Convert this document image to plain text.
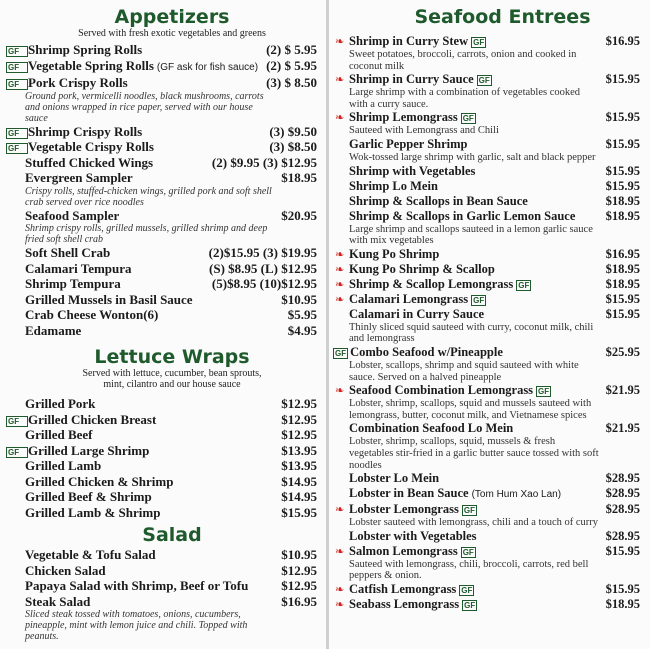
Appetizers
Served with fresh exotic vegetables and greens
GF Shrimp Spring Rolls	(2) $ 5.95
GF Vegetable Spring Rolls (GF ask for fish sauce) (2) $ 5.95
GF Pork Crispy Rolls	(3) $ 8.50
Ground pork, vermicelli noodles, black mushrooms, carrots and onions wrapped in rice paper, served with our house sauce
GF Shrimp Crispy Rolls	(3) $9.50
GF Vegetable Crispy Rolls	(3) $8.50
Stuffed Chicked Wings	(2) $9.95 (3) $12.95
Evergreen Sampler	$18.95
Crispy rolls, stuffed-chicken wings, grilled pork and soft shell crab served over rice noodles
Seafood Sampler	$20.95
Shrimp crispy rolls, grilled mussels, grilled shrimp and deep fried soft shell crab
Soft Shell Crab	(2)$15.95 (3) $19.95
Calamari Tempura	(S) $8.95 (L) $12.95
Shrimp Tempura	(5)$8.95 (10)$12.95
Grilled Mussels in Basil Sauce	$10.95
Crab Cheese Wonton(6)	$5.95
Edamame	$4.95
Lettuce Wraps
Served with lettuce, cucumber, bean sprouts, mint, cilantro and our house sauce
Grilled Pork	$12.95
GF Grilled Chicken Breast	$12.95
Grilled Beef	$12.95
GF Grilled Large Shrimp	$13.95
Grilled Lamb	$13.95
Grilled Chicken & Shrimp	$14.95
Grilled Beef & Shrimp	$14.95
Grilled Lamb & Shrimp	$15.95
Salad
Vegetable & Tofu Salad	$10.95
Chicken Salad	$12.95
Papaya Salad with Shrimp, Beef or Tofu	$12.95
Steak Salad	$16.95
Sliced steak tossed with tomatoes, onions, cucumbers, pineapple, mint with lemon juice and chili. Topped with peanuts.
Seafood Entrees
❧ Shrimp in Curry Stew GF	$16.95
Sweet potatoes, broccoli, carrots, onion and cooked in coconut milk
❧ Shrimp in Curry Sauce GF	$15.95
Large shrimp with a combination of vegetables cooked with a curry sauce.
❧ Shrimp Lemongrass GF	$15.95
Sauteed with Lemongrass and Chili
Garlic Pepper Shrimp	$15.95
Wok-tossed large shrimp with garlic, salt and black pepper
Shrimp with Vegetables	$15.95
Shrimp Lo Mein	$15.95
Shrimp & Scallops in Bean Sauce	$18.95
Shrimp & Scallops in Garlic Lemon Sauce	$18.95
Large shrimp and scallops sauteed in a lemon garlic sauce with mix vegetables
❧ Kung Po Shrimp	$16.95
❧ Kung Po Shrimp & Scallop	$18.95
❧ Shrimp & Scallop Lemongrass GF	$18.95
❧ Calamari Lemongrass GF	$15.95
Calamari in Curry Sauce	$15.95
Thinly sliced squid sauteed with curry, coconut milk, chili and lemongrass
GF Combo Seafood w/Pineapple	$25.95
Lobster, scallops, shrimp and squid sauteed with white sauce. Served on a halved pineapple
❧ Seafood Combination Lemongrass GF	$21.95
Lobster, shrimp, scallops, squid and mussels sauteed with lemongrass, butter, coconut milk, and Vietnamese spices
Combination Seafood Lo Mein	$21.95
Lobster, shrimp, scallops, squid, mussels & fresh vegetables stir-fried in a garlic butter sauce tossed with soft noodles
Lobster Lo Mein	$28.95
Lobster in Bean Sauce (Tom Hum Xao Lan)	$28.95
❧ Lobster Lemongrass GF	$28.95
Lobster sauteed with lemongrass, chili and a touch of curry
Lobster with Vegetables	$28.95
❧ Salmon Lemongrass GF	$15.95
Sauteed with lemongrass, chili, broccoli, carrots, red bell peppers & onion.
❧ Catfish Lemongrass GF	$15.95
❧ Seabass Lemongrass GF	$18.95
